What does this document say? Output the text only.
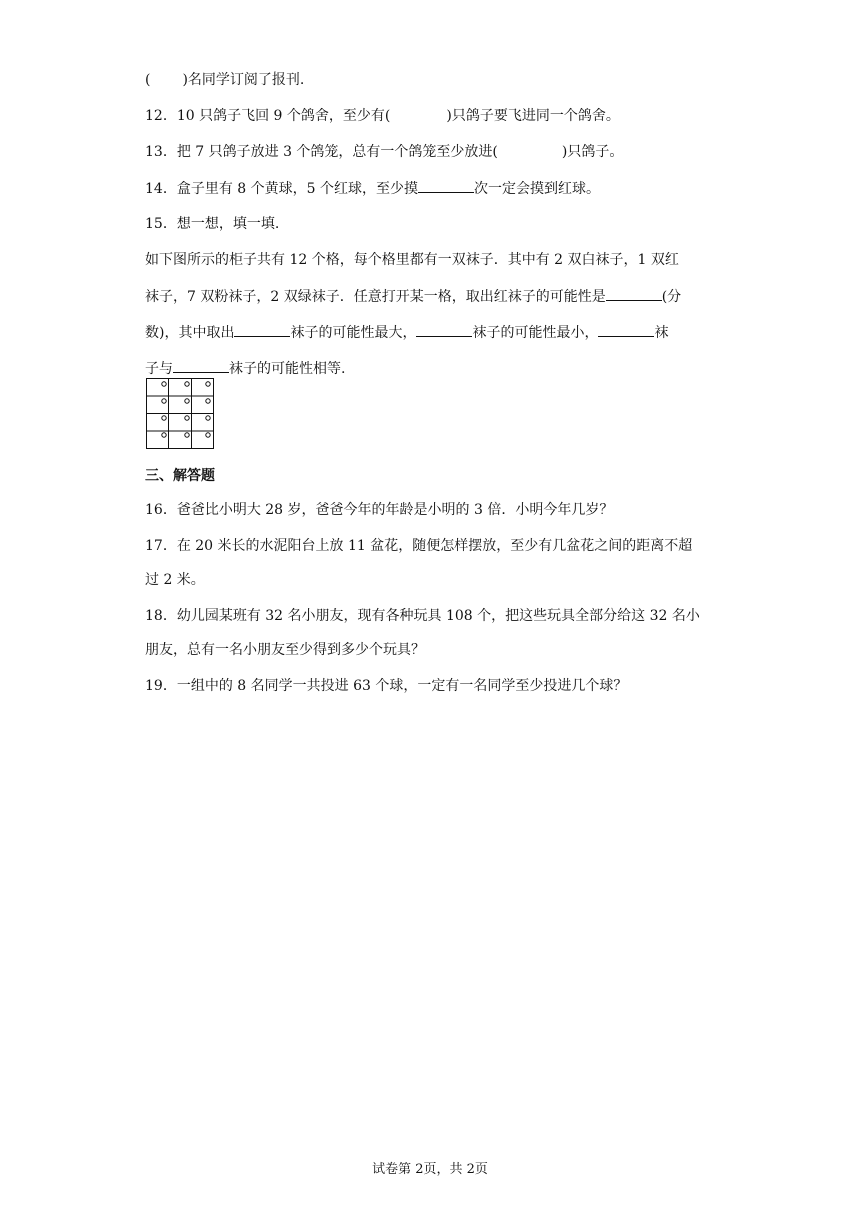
( )名同学订阅了报刊.
12．10 只鸽子飞回 9 个鸽舍，至少有(	)只鸽子要飞进同一个鸽舍。
13．把 7 只鸽子放进 3 个鸽笼，总有一个鸽笼至少放进(	)只鸽子。
14．盒子里有 8 个黄球，5 个红球，至少摸	次一定会摸到红球。
15．想一想，填一填.
如下图所示的柜子共有 12 个格，每个格里都有一双袜子．其中有 2 双白袜子，1 双红
袜子，7 双粉袜子，2 双绿袜子．任意打开某一格，取出红袜子的可能性是	(分
数)，其中取出	袜子的可能性最大，	袜子的可能性最小，	袜
子与	袜子的可能性相等.
三、解答题
16．爸爸比小明大 28 岁，爸爸今年的年龄是小明的 3 倍．小明今年几岁？
17．在 20 米长的水泥阳台上放 11 盆花，随便怎样摆放，至少有几盆花之间的距离不超
过 2 米。
18．幼儿园某班有 32 名小朋友，现有各种玩具 108 个，把这些玩具全部分给这 32 名小
朋友，总有一名小朋友至少得到多少个玩具？
19．一组中的 8 名同学一共投进 63 个球，一定有一名同学至少投进几个球？
试卷第 2页，共 2页
